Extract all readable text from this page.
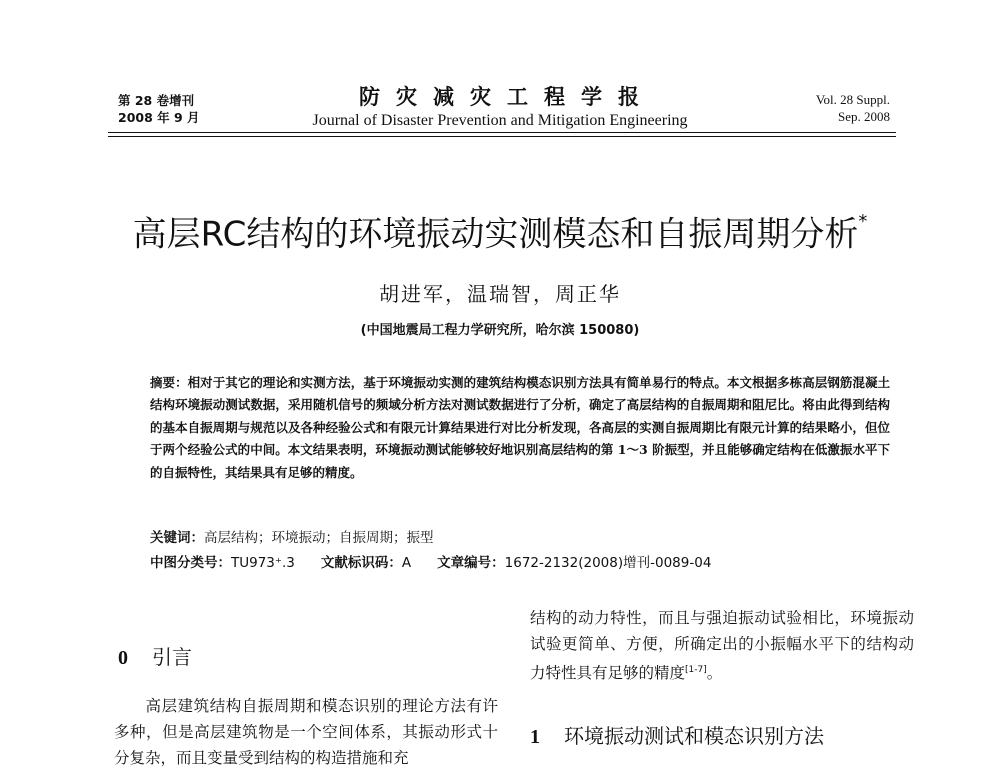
第 28 卷增刊
2008 年 9 月
防灾减灾工程学报
Journal of Disaster Prevention and Mitigation Engineering
Vol. 28 Suppl.
Sep. 2008
高层RC结构的环境振动实测模态和自振周期分析*
胡进军，温瑞智，周正华
(中国地震局工程力学研究所，哈尔滨 150080)
摘要：相对于其它的理论和实测方法，基于环境振动实测的建筑结构模态识别方法具有简单易行的特点。本文根据多栋高层钢筋混凝土结构环境振动测试数据，采用随机信号的频域分析方法对测试数据进行了分析，确定了高层结构的自振周期和阻尼比。将由此得到结构的基本自振周期与规范以及各种经验公式和有限元计算结果进行对比分析发现，各高层的实测自振周期比有限元计算的结果略小，但位于两个经验公式的中间。本文结果表明，环境振动测试能够较好地识别高层结构的第 1～3 阶振型，并且能够确定结构在低激振水平下的自振特性，其结果具有足够的精度。
关键词：高层结构；环境振动；自振周期；振型
中图分类号：TU973⁺.3 文献标识码：A 文章编号：1672-2132(2008)增刊-0089-04
0 引言
高层建筑结构自振周期和模态识别的理论方法有许多种，但是高层建筑物是一个空间体系，其振动形式十分复杂，而且变量受到结构的构造措施和充
结构的动力特性，而且与强迫振动试验相比，环境振动试验更简单、方便，所确定出的小振幅水平下的结构动力特性具有足够的精度[1-7]。
1 环境振动测试和模态识别方法
